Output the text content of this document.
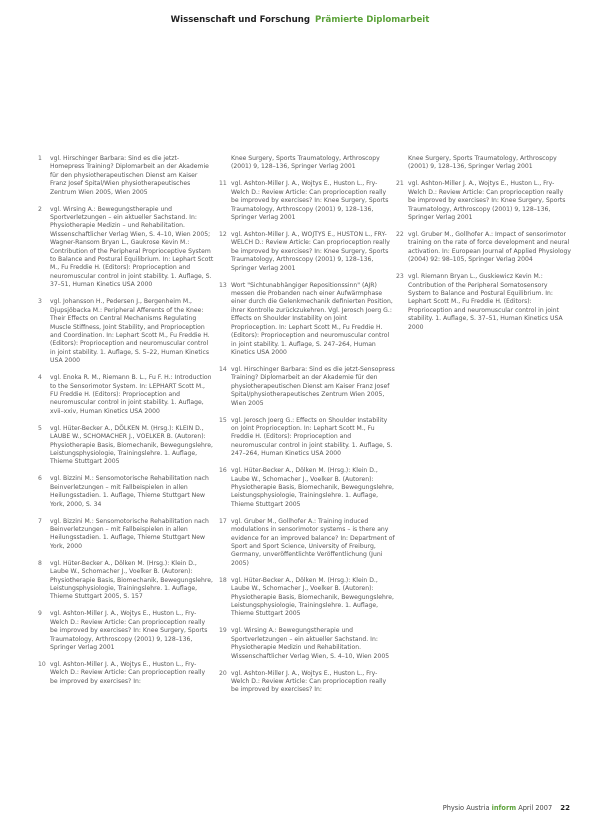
Wissenschaft und Forschung Prämierte Diplomarbeit
1	vgl. Hirschinger Barbara: Sind es die jetzt- Homepress Training? Diplomarbeit an der Akademie für den physiotherapeutischen Dienst am Kaiser Franz Josef Spital/Wien physiotherapeutisches Zentrum Wien 2005, Wien 2005
2	vgl. Wirsing A.: Bewegungstherapie und Sportverletzungen – ein aktueller Sachstand. In: Physiotherapie Medizin – und Rehabilitation. Wissenschaftlicher Verlag Wien, S. 4–10, Wien 2005; Wagner-Ransom Bryan L., Gaukrose Kevin M.: Contribution of the Peripheral Proprioceptive System to Balance and Postural Equilibrium. In: Lephart Scott M., Fu Freddie H. (Editors): Proprioception and neuromuscular control in joint stability. 1. Auflage, S. 37–51, Human Kinetics USA 2000
3	vgl. Johansson H., Pedersen J., Bergenheim M., Djupsjöbacka M.: Peripheral Afferents of the Knee: Their Effects on Central Mechanisms Regulating Muscle Stiffness, Joint Stability, and Proprioception and Coordination. In: Lephart Scott M., Fu Freddie H. (Editors): Proprioception and neuromuscular control in joint stability. 1. Auflage, S. 5–22, Human Kinetics USA 2000
4	vgl. Enoka R. M., Riemann B. L., Fu F. H.: Introduction to the Sensorimotor System. In: LEPHART Scott M., FU Freddie H. (Editors): Proprioception and neuromuscular control in joint stability. 1. Auflage, xvii–xxiv, Human Kinetics USA 2000
5	vgl. Hüter-Becker A., DÖLKEN M. (Hrsg.): KLEIN D., LAUBE W., SCHOMACHER J., VOELKER B. (Autoren): Physiotherapie Basis, Biomechanik, Bewegungslehre, Leistungsphysiologie, Trainingslehre. 1. Auflage, Thieme Stuttgart 2005
6	vgl. Bizzini M.: Sensomotorische Rehabilitation nach Beinverletzungen – mit Fallbeispielen in allen Heilungsstadien. 1. Auflage, Thieme Stuttgart New York, 2000, S. 34
7	vgl. Bizzini M.: Sensomotorische Rehabilitation nach Beinverletzungen – mit Fallbeispielen in allen Heilungsstadien. 1. Auflage, Thieme Stuttgart New York, 2000
8	vgl. Hüter-Becker A., Dölken M. (Hrsg.): Klein D., Laube W., Schomacher J., Voelker B. (Autoren): Physiotherapie Basis, Biomechanik, Bewegungslehre, Leistungsphysiologie, Trainingslehre. 1. Auflage, Thieme Stuttgart 2005, S. 157
9	vgl. Ashton-Miller J. A., Wojtys E., Huston L., Fry-Welch D.: Review Article: Can proprioception really be improved by exercises? In: Knee Surgery, Sports Traumatology, Arthroscopy (2001) 9, 128–136, Springer Verlag 2001
10 vgl. Ashton-Miller J. A., Wojtys E., Huston L., Fry-Welch D.: Review Article: Can proprioception really be improved by exercises? In:
Knee Surgery, Sports Traumatology, Arthroscopy (2001) 9, 128–136, Springer Verlag 2001
11 vgl. Ashton-Miller J. A., Wojtys E., Huston L., Fry-Welch D.: Review Article: Can proprioception really be improved by exercises? In: Knee Surgery, Sports Traumatology, Arthroscopy (2001) 9, 128–136, Springer Verlag 2001
12 vgl. Ashton-Miller J. A., WOJTYS E., HUSTON L., FRY-WELCH D.: Review Article: Can proprioception really be improved by exercises? In: Knee Surgery, Sports Traumatology, Arthroscopy (2001) 9, 128–136, Springer Verlag 2001
13 Wort "Sichtunabhängiger Repositionssinn" (AJR) messen die Probanden nach einer Aufwärmphase einer durch die Gelenkmechanik definierten Position, ihrer Kontrolle zurückzukehren. Vgl. Jerosch Joerg G.: Effects on Shoulder Instability on Joint Proprioception. In: Lephart Scott M., Fu Freddie H. (Editors): Proprioception and neuromuscular control in joint stability. 1. Auflage, S. 247–264, Human Kinetics USA 2000
14 vgl. Hirschinger Barbara: Sind es die jetzt-Sensopress Training? Diplomarbeit an der Akademie für den physiotherapeutischen Dienst am Kaiser Franz Josef Spital/physiotherapeutisches Zentrum Wien 2005, Wien 2005
15 vgl. Jerosch Joerg G.: Effects on Shoulder Instability on Joint Proprioception. In: Lephart Scott M., Fu Freddie H. (Editors): Proprioception and neuromuscular control in joint stability. 1. Auflage, S. 247–264, Human Kinetics USA 2000
16 vgl. Hüter-Becker A., Dölken M. (Hrsg.): Klein D., Laube W., Schomacher J., Voelker B. (Autoren): Physiotherapie Basis, Biomechanik, Bewegungslehre, Leistungsphysiologie, Trainingslehre. 1. Auflage, Thieme Stuttgart 2005
17 vgl. Gruber M., Gollhofer A.: Training induced modulations in sensorimotor systems – is there any evidence for an improved balance? In: Department of Sport and Sport Science, University of Freiburg, Germany, unveröffentlichte Veröffentlichung (Juni 2005)
18 vgl. Hüter-Becker A., Dölken M. (Hrsg.): Klein D., Laube W., Schomacher J., Voelker B. (Autoren): Physiotherapie Basis, Biomechanik, Bewegungslehre, Leistungsphysiologie, Trainingslehre. 1. Auflage, Thieme Stuttgart 2005
19 vgl. Wirsing A.: Bewegungstherapie und Sportverletzungen – ein aktueller Sachstand. In: Physiotherapie Medizin und Rehabilitation. Wissenschaftlicher Verlag Wien, S. 4–10, Wien 2005
20 vgl. Ashton-Miller J. A., Wojtys E., Huston L., Fry-Welch D.: Review Article: Can proprioception really be improved by exercises? In:
Knee Surgery, Sports Traumatology, Arthroscopy (2001) 9, 128–136, Springer Verlag 2001
21 vgl. Ashton-Miller J. A., Wojtys E., Huston L., Fry-Welch D.: Review Article: Can proprioception really be improved by exercises? In: Knee Surgery, Sports Traumatology, Arthroscopy (2001) 9, 128–136, Springer Verlag 2001
22 vgl. Gruber M., Gollhofer A.: Impact of sensorimotor training on the rate of force development and neural activation. In: European Journal of Applied Physiology (2004) 92: 98–105, Springer Verlag 2004
23 vgl. Riemann Bryan L., Guskiewicz Kevin M.: Contribution of the Peripheral Somatosensory System to Balance and Postural Equilibrium. In: Lephart Scott M., Fu Freddie H. (Editors): Proprioception and neuromuscular control in joint stability. 1. Auflage, S. 37–51, Human Kinetics USA 2000
Physio Austria inform April 2007 22
